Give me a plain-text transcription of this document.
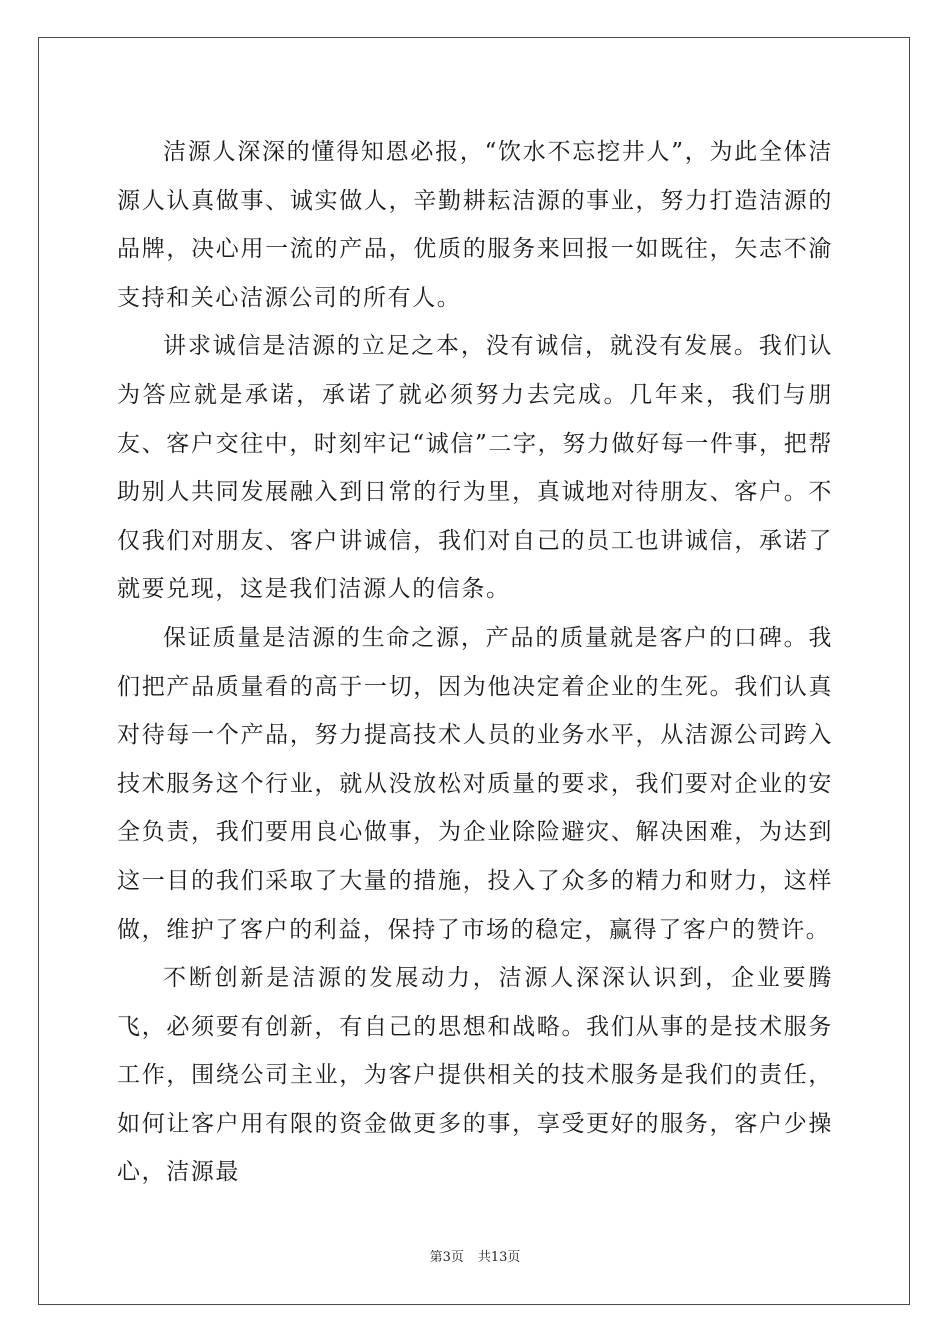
洁源人深深的懂得知恩必报，“饮水不忘挖井人”，为此全体洁源人认真做事、诚实做人，辛勤耕耘洁源的事业，努力打造洁源的品牌，决心用一流的产品，优质的服务来回报一如既往，矢志不渝支持和关心洁源公司的所有人。

讲求诚信是洁源的立足之本，没有诚信，就没有发展。我们认为答应就是承诺，承诺了就必须努力去完成。几年来，我们与朋友、客户交往中，时刻牢记“诚信”二字，努力做好每一件事，把帮助别人共同发展融入到日常的行为里，真诚地对待朋友、客户。不仅我们对朋友、客户讲诚信，我们对自己的员工也讲诚信，承诺了就要兑现，这是我们洁源人的信条。

保证质量是洁源的生命之源，产品的质量就是客户的口碑。我们把产品质量看的高于一切，因为他决定着企业的生死。我们认真对待每一个产品，努力提高技术人员的业务水平，从洁源公司跨入技术服务这个行业，就从没放松对质量的要求，我们要对企业的安全负责，我们要用良心做事，为企业除险避灾、解决困难，为达到这一目的我们采取了大量的措施，投入了众多的精力和财力，这样做，维护了客户的利益，保持了市场的稳定，赢得了客户的赞许。

不断创新是洁源的发展动力，洁源人深深认识到，企业要腾飞，必须要有创新，有自己的思想和战略。我们从事的是技术服务工作，围绕公司主业，为客户提供相关的技术服务是我们的责任，如何让客户用有限的资金做更多的事，享受更好的服务，客户少操心，洁源最

第3页 共13页
